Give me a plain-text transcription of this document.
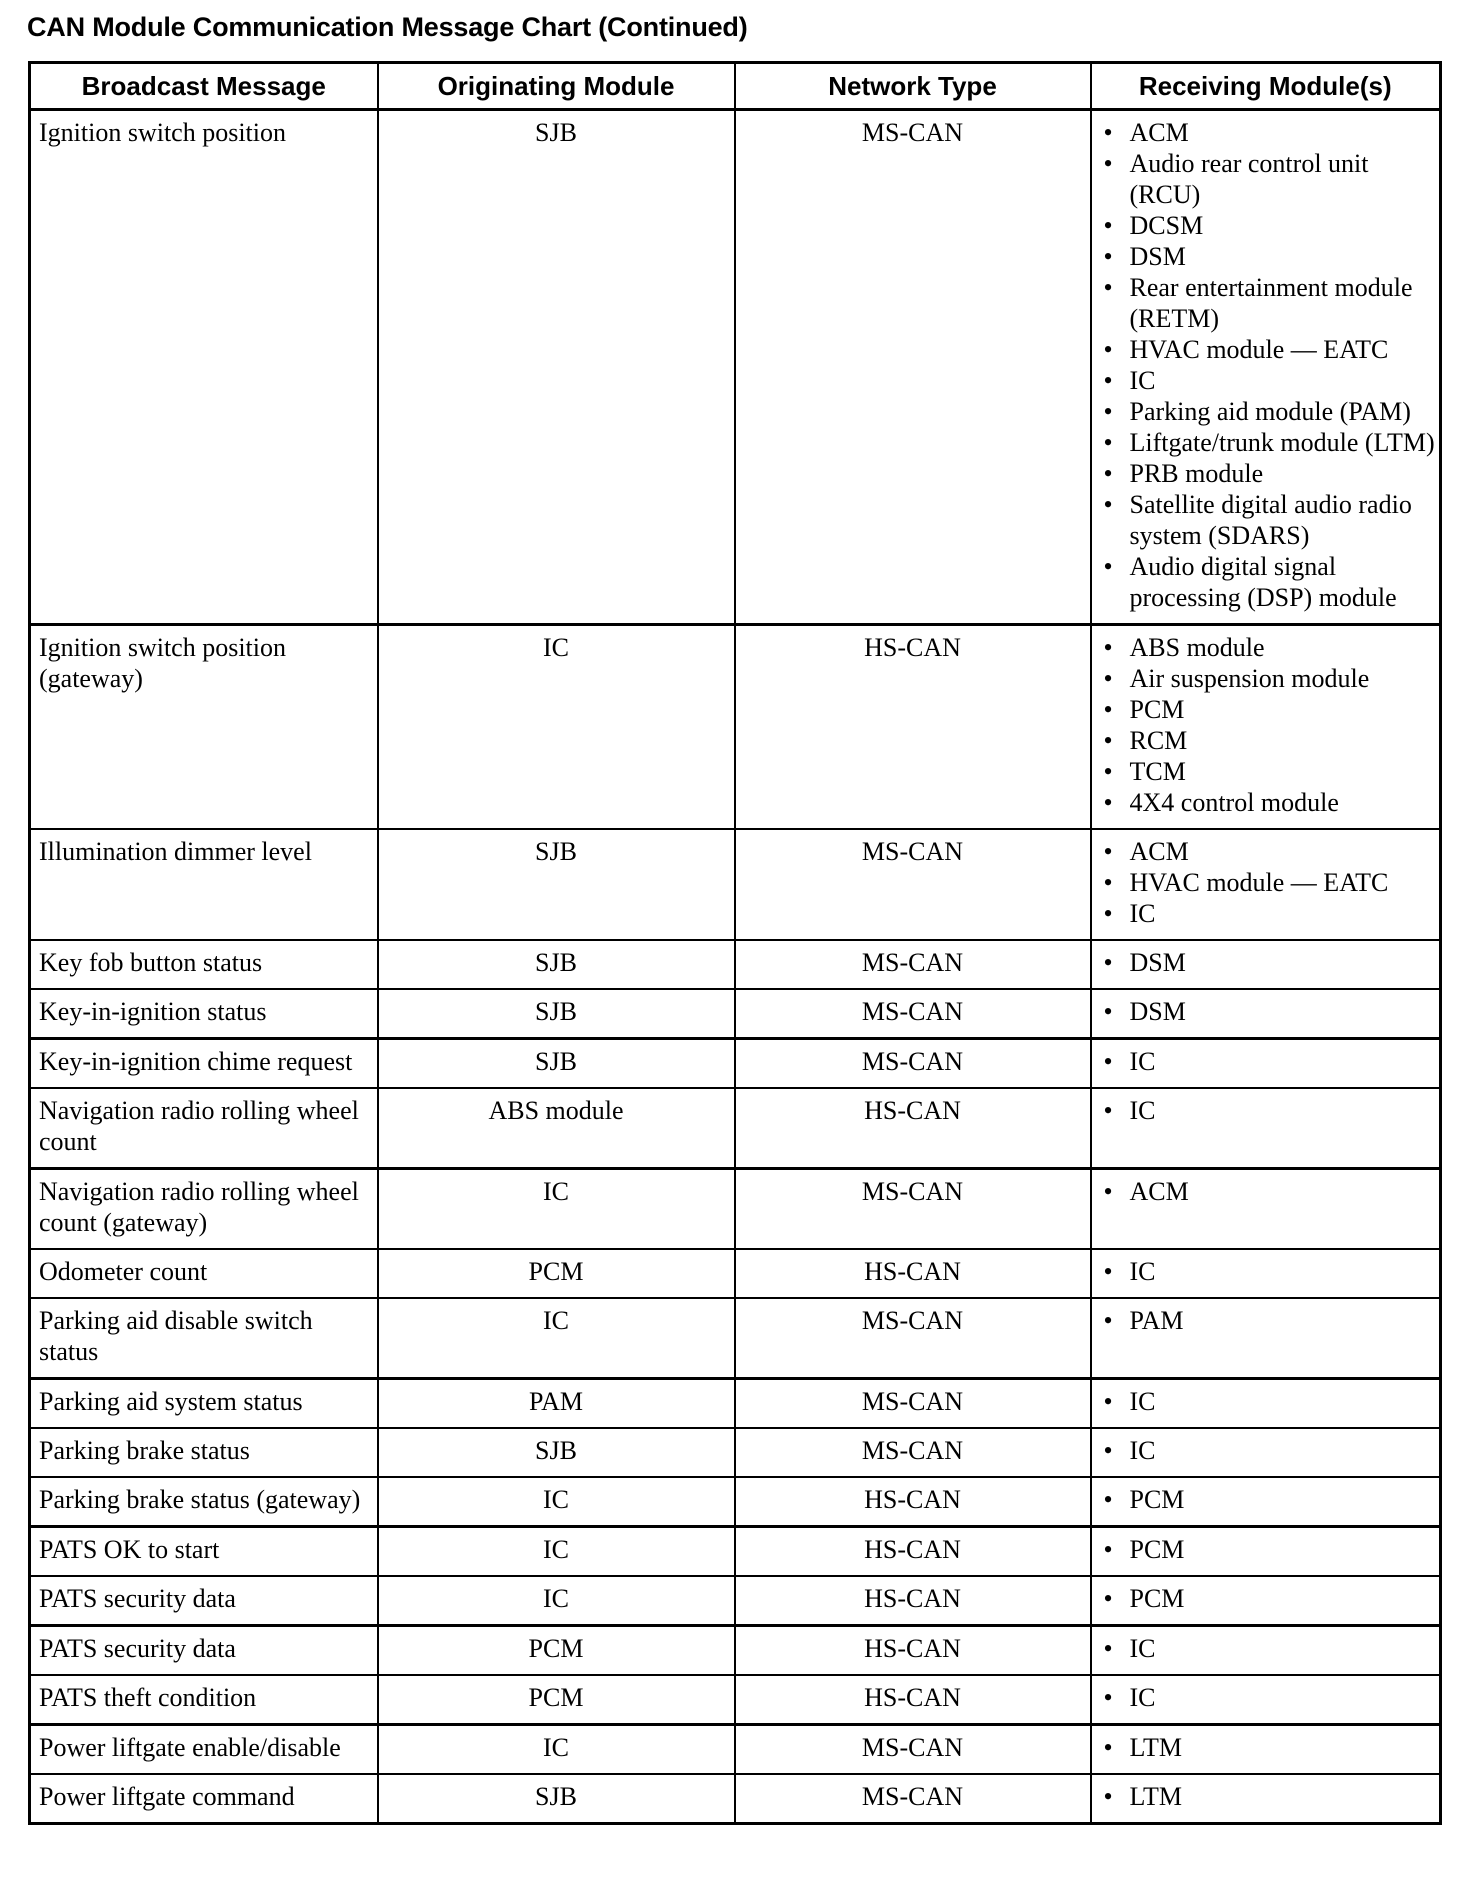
CAN Module Communication Message Chart (Continued)
Broadcast Message	Originating Module	Network Type	Receiving Module(s)
Ignition switch position	SJB	MS-CAN	
•ACM
• Audio rear control unit (RCU)
• DCSM
• DSM
• Rear entertainment module (RETM)
• HVAC module — EATC
• IC
• Parking aid module (PAM)
• Liftgate/trunk module (LTM)
• PRB module
• Satellite digital audio radio system (SDARS)
• Audio digital signal processing (DSP) module

Ignition switch position (gateway)	IC	HS-CAN	
•ABS module
• Air suspension module
• PCM
• RCM
• TCM
• 4X4 control module

Illumination dimmer level	SJB	MS-CAN	
•ACM
• HVAC module — EATC
• IC

Key fob button status	SJB	MS-CAN	
•DSM

Key-in-ignition status	SJB	MS-CAN	
•DSM

Key-in-ignition chime request	SJB	MS-CAN	
•IC

Navigation radio rolling wheel count	ABS module	HS-CAN	
•IC

Navigation radio rolling wheel count (gateway)	IC	MS-CAN	
•ACM

Odometer count	PCM	HS-CAN	
•IC

Parking aid disable switch status	IC	MS-CAN	
•PAM

Parking aid system status	PAM	MS-CAN	
•IC

Parking brake status	SJB	MS-CAN	
•IC

Parking brake status (gateway)	IC	HS-CAN	
•PCM

PATS OK to start	IC	HS-CAN	
•PCM

PATS security data	IC	HS-CAN	
•PCM

PATS security data	PCM	HS-CAN	
•IC

PATS theft condition	PCM	HS-CAN	
•IC

Power liftgate enable/disable	IC	MS-CAN	
•LTM

Power liftgate command	SJB	MS-CAN	
•LTM
